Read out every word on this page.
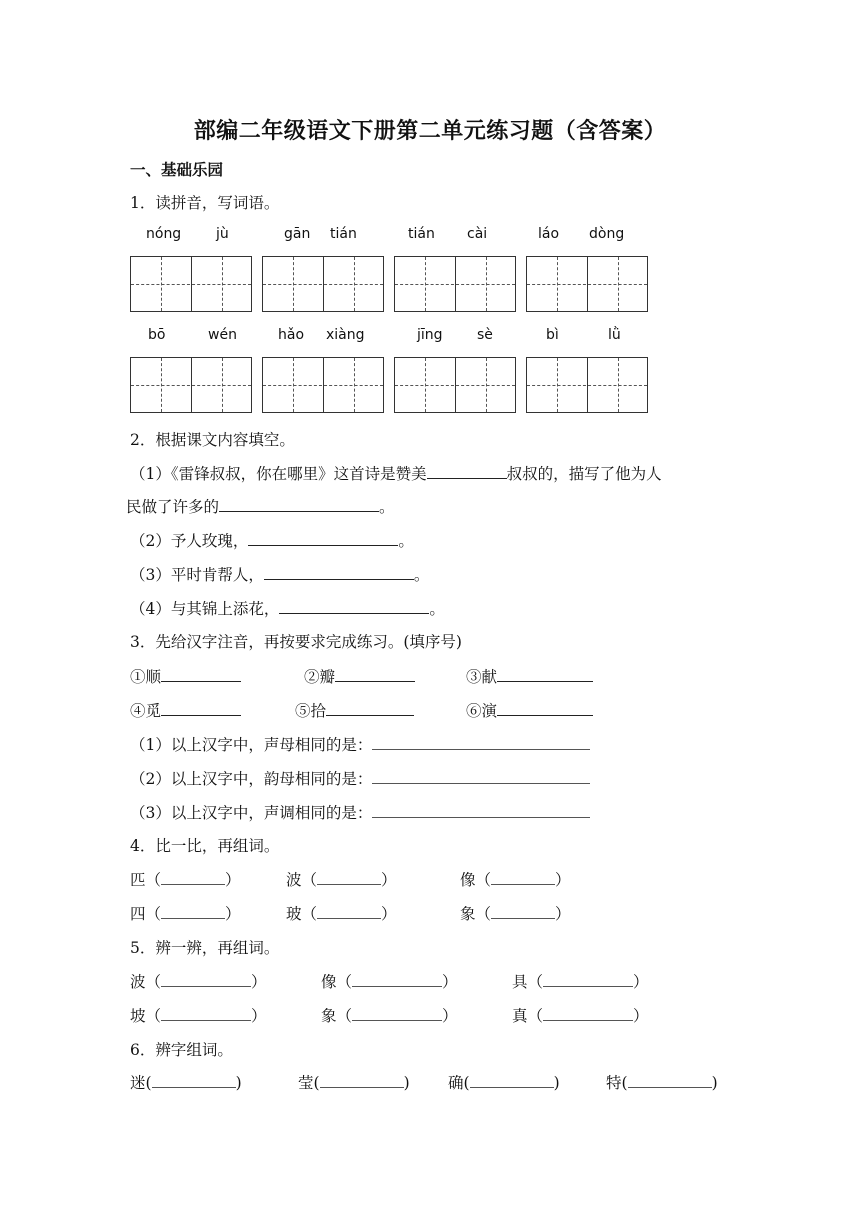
部编二年级语文下册第二单元练习题（含答案）
一、基础乐园
1．读拼音，写词语。
nóng jù	gān tián	tián cài	láo dòng
bō	wén	hǎo xiàng	jīng sè	bì	lǜ
2．根据课文内容填空。
（1）《雷锋叔叔，你在哪里》这首诗是赞美	叔叔的，描写了他为人
民做了许多的	。
（2）予人玫瑰，	。
（3）平时肯帮人，	。
（4）与其锦上添花，	。
3．先给汉字注音，再按要求完成练习。(填序号)
①顺	②瓣	③献
④觅	⑤拾	⑥演
（1）以上汉字中，声母相同的是：
（2）以上汉字中，韵母相同的是：
（3）以上汉字中，声调相同的是：
4．比一比，再组词。
匹（	）	波（	）	像（	）
四（	）	玻（	）	象（	）
5．辨一辨，再组词。
波（	）	像（	）	具（	）
坡（	）	象（	）	真（	）
6．辨字组词。
迷(	)	莹(	) 确(	)	特(	)
